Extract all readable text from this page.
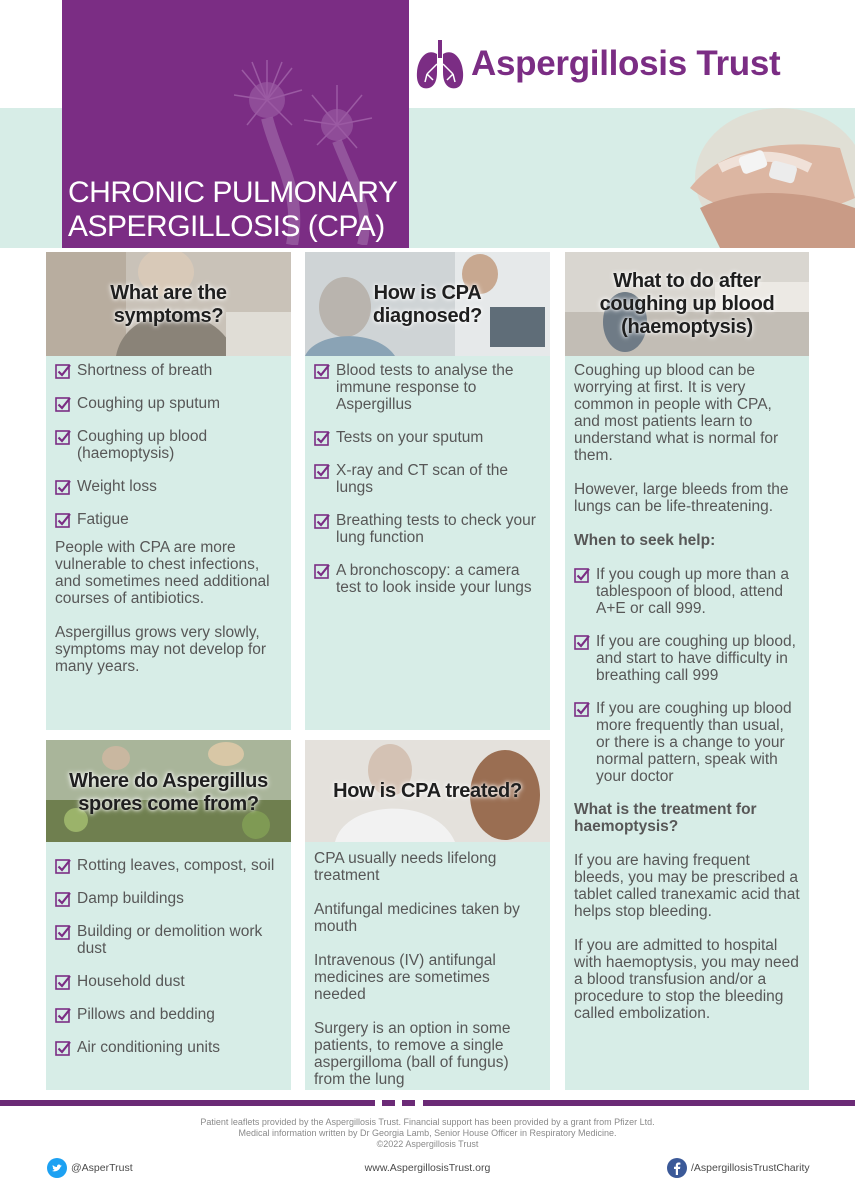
CHRONIC PULMONARY ASPERGILLOSIS (CPA)
Aspergillosis Trust
What are the symptoms?
Shortness of breath
Coughing up sputum
Coughing up blood (haemoptysis)
Weight loss
Fatigue

People with CPA are more vulnerable to chest infections, and sometimes need additional courses of antibiotics.

Aspergillus grows very slowly, symptoms may not develop for many years.

How is CPA diagnosed?
Blood tests to analyse the immune response to Aspergillus
Tests on your sputum
X-ray and CT scan of the lungs
Breathing tests to check your lung function
A bronchoscopy: a camera test to look inside your lungs
What to do after coughing up blood (haemoptysis)

Coughing up blood can be worrying at first. It is very common in people with CPA, and most patients learn to understand what is normal for them.

However, large bleeds from the lungs can be life-threatening.

When to seek help:

If you cough up more than a tablespoon of blood, attend A+E or call 999.
If you are coughing up blood, and start to have difficulty in breathing call 999
If you are coughing up blood more frequently than usual, or there is a change to your normal pattern, speak with your doctor

What is the treatment for haemoptysis?

If you are having frequent bleeds, you may be prescribed a tablet called tranexamic acid that helps stop bleeding.

If you are admitted to hospital with haemoptysis, you may need a blood transfusion and/or a procedure to stop the bleeding called embolization.

Where do Aspergillus spores come from?
Rotting leaves, compost, soil
Damp buildings
Building or demolition work dust
Household dust
Pillows and bedding
Air conditioning units
How is CPA treated?

CPA usually needs lifelong treatment

Antifungal medicines taken by mouth

Intravenous (IV) antifungal medicines are sometimes needed

Surgery is an option in some patients, to remove a single aspergilloma (ball of fungus) from the lung

Patient leaflets provided by the Aspergillosis Trust. Financial support has been provided by a grant from Pfizer Ltd.
Medical information written by Dr Georgia Lamb, Senior House Officer in Respiratory Medicine.
©2022 Aspergillosis Trust
@AsperTrust	www.AspergillosisTrust.org	/AspergillosisTrustCharity
